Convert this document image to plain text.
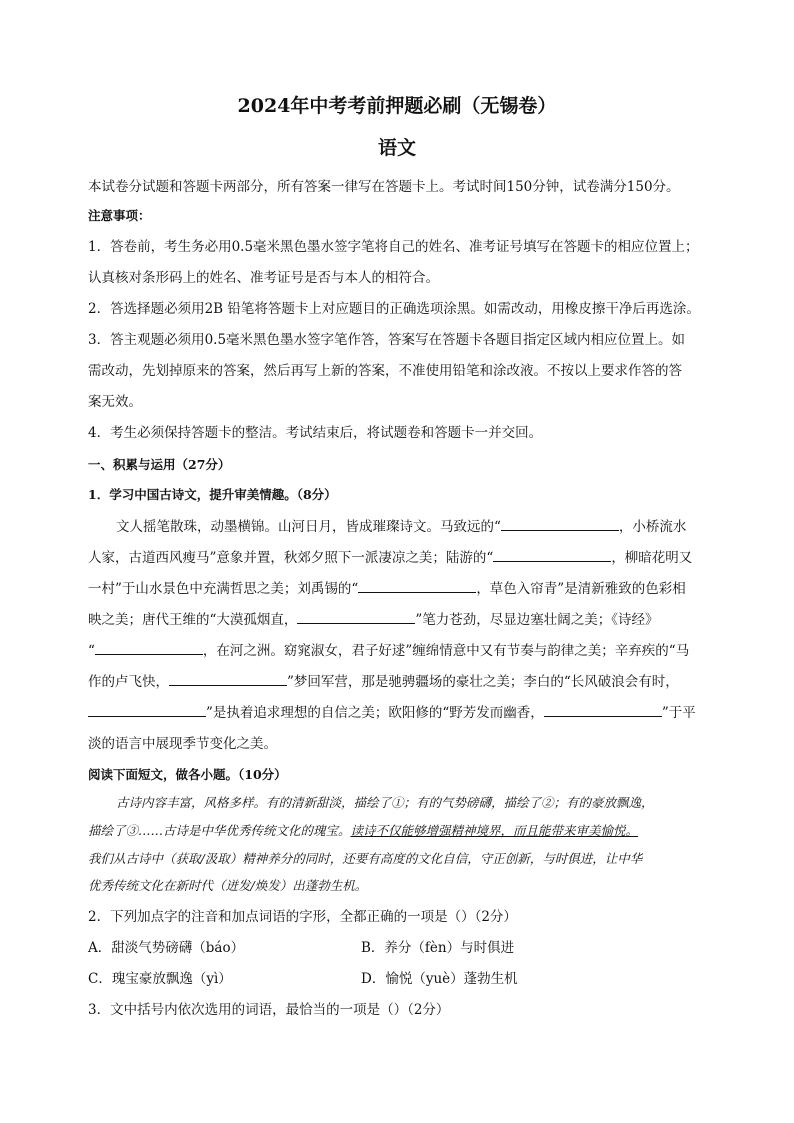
2024年中考考前押题必刷（无锡卷）
语文
本试卷分试题和答题卡两部分，所有答案一律写在答题卡上。考试时间150分钟，试卷满分150分。
注意事项：
1．答卷前，考生务必用0.5毫米黑色墨水签字笔将自己的姓名、准考证号填写在答题卡的相应位置上；
认真核对条形码上的姓名、准考证号是否与本人的相符合。
2．答选择题必须用2B 铅笔将答题卡上对应题目的正确选项涂黑。如需改动，用橡皮擦干净后再选涂。
3．答主观题必须用0.5毫米黑色墨水签字笔作答，答案写在答题卡各题目指定区域内相应位置上。如
需改动，先划掉原来的答案，然后再写上新的答案，不准使用铅笔和涂改液。不按以上要求作答的答
案无效。
4．考生必须保持答题卡的整洁。考试结束后，将试题卷和答题卡一并交回。
一、积累与运用（27分）
1．学习中国古诗文，提升审美情趣。（8分）
文人摇笔散珠，动墨横锦。山河日月，皆成璀璨诗文。马致远的“	，小桥流水
人家，古道西风瘦马”意象并置，秋郊夕照下一派凄凉之美；陆游的“	，柳暗花明又
一村”于山水景色中充满哲思之美；刘禹锡的“	，草色入帘青”是清新雅致的色彩相
映之美；唐代王维的“大漠孤烟直，	”笔力苍劲，尽显边塞壮阔之美；《诗经》
“	，在河之洲。窈窕淑女，君子好逑”缠绵情意中又有节奏与韵律之美；辛弃疾的“马
作的卢飞快，	”梦回军营，那是驰骋疆场的豪壮之美；李白的“长风破浪会有时，
”是执着追求理想的自信之美；欧阳修的“野芳发而幽香，	”于平
淡的语言中展现季节变化之美。
阅读下面短文，做各小题。（10分）
古诗内容丰富，风格多样。有的清新甜淡，描绘了①；有的气势磅礴，描绘了②；有的豪放飘逸，
描绘了③……古诗是中华优秀传统文化的瑰宝。读诗不仅能够增强精神境界，而且能带来审美愉悦。
我们从古诗中（获取/汲取）精神养分的同时，还要有高度的文化自信，守正创新，与时俱进，让中华
优秀传统文化在新时代（迸发/焕发）出蓬勃生机。
2．下列加点字的注音和加点词语的字形，全都正确的一项是（）（2分）
A．甜淡气势磅礴（báo）	B．养分（fèn）与时俱进
C．瑰宝豪放飘逸（yì）	D．愉悦（yuè）蓬勃生机
3．文中括号内依次选用的词语，最恰当的一项是（）（2分）
